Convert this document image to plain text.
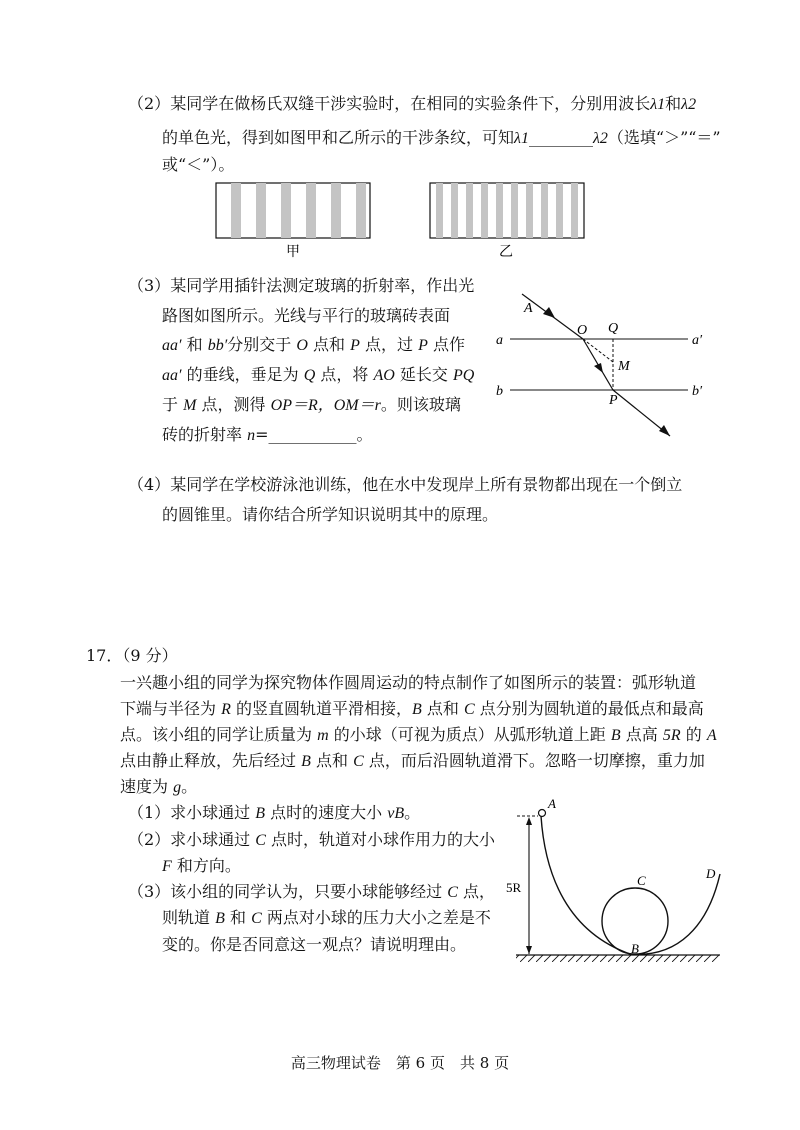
（2）某同学在做杨氏双缝干涉实验时，在相同的实验条件下，分别用波长λ1和λ2
的单色光，得到如图甲和乙所示的干涉条纹，可知λ1________λ2（选填“＞”“＝”
或“＜”）。
甲	乙
（3）某同学用插针法测定玻璃的折射率，作出光
路图如图所示。光线与平行的玻璃砖表面
aa′ 和 bb′分别交于 O 点和 P 点，过 P 点作
aa′ 的垂线，垂足为 Q 点，将 AO 延长交 PQ
于 M 点，测得 OP＝R，OM＝r。则该玻璃
砖的折射率 n=___________。
A
O Q
M
P
a	a′
b	b′
（4）某同学在学校游泳池训练，他在水中发现岸上所有景物都出现在一个倒立
的圆锥里。请你结合所学知识说明其中的原理。
17．（9 分）
一兴趣小组的同学为探究物体作圆周运动的特点制作了如图所示的装置：弧形轨道
下端与半径为 R 的竖直圆轨道平滑相接，B 点和 C 点分别为圆轨道的最低点和最高
点。该小组的同学让质量为 m 的小球（可视为质点）从弧形轨道上距 B 点高 5R 的 A
点由静止释放，先后经过 B 点和 C 点，而后沿圆轨道滑下。忽略一切摩擦，重力加
速度为 g。
（1）求小球通过 B 点时的速度大小 vB。
（2）求小球通过 C 点时，轨道对小球作用力的大小
F 和方向。
（3）该小组的同学认为，只要小球能够经过 C 点，
则轨道 B 和 C 两点对小球的压力大小之差是不
变的。你是否同意这一观点？请说明理由。
5R
A
B
C	D
高三物理试卷　第 6 页　共 8 页
